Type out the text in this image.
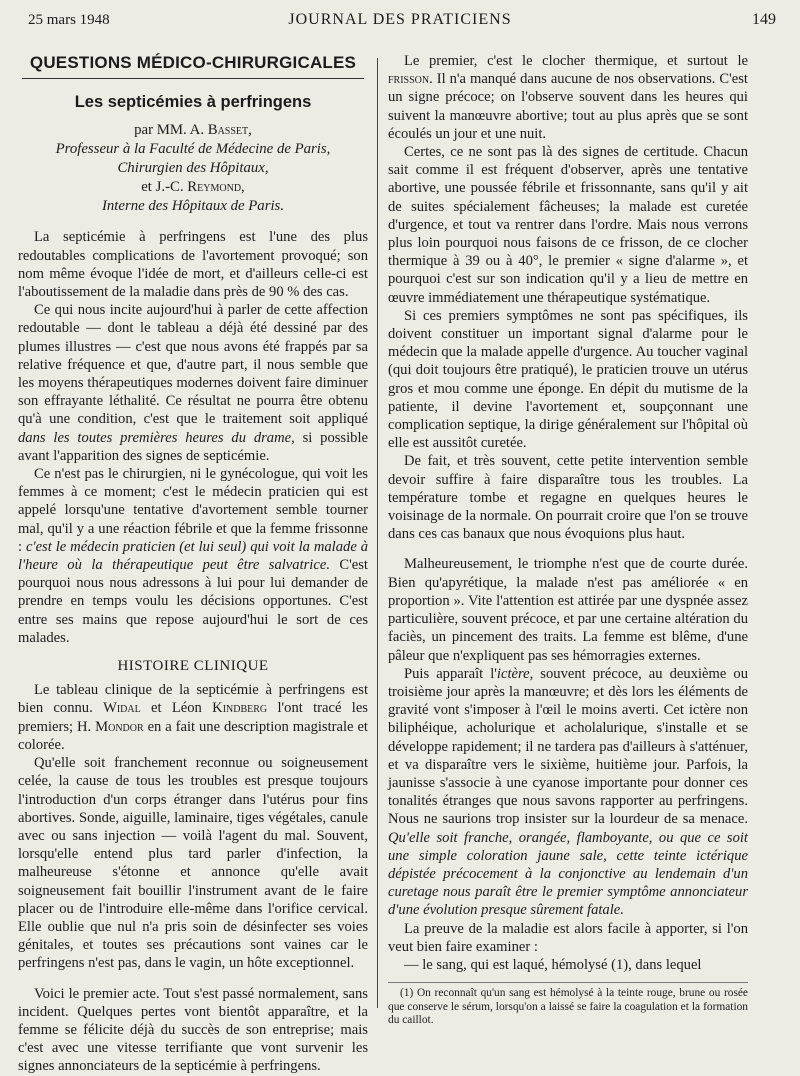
25 mars 1948	JOURNAL DES PRATICIENS	149
QUESTIONS MÉDICO-CHIRURGICALES
Les septicémies à perfringens
par MM. A. Basset,
Professeur à la Faculté de Médecine de Paris,
Chirurgien des Hôpitaux,
et J.-C. Reymond,
Interne des Hôpitaux de Paris.

La septicémie à perfringens est l'une des plus redoutables complications de l'avortement provoqué; son nom même évoque l'idée de mort, et d'ailleurs celle-ci est l'aboutissement de la maladie dans près de 90 % des cas.

Ce qui nous incite aujourd'hui à parler de cette affection redoutable — dont le tableau a déjà été dessiné par des plumes illustres — c'est que nous avons été frappés par sa relative fréquence et que, d'autre part, il nous semble que les moyens thérapeutiques modernes doivent faire diminuer son effrayante léthalité. Ce résultat ne pourra être obtenu qu'à une condition, c'est que le traitement soit appliqué dans les toutes premières heures du drame, si possible avant l'apparition des signes de septicémie.

Ce n'est pas le chirurgien, ni le gynécologue, qui voit les femmes à ce moment; c'est le médecin praticien qui est appelé lorsqu'une tentative d'avortement semble tourner mal, qu'il y a une réaction fébrile et que la femme frissonne : c'est le médecin praticien (et lui seul) qui voit la malade à l'heure où la thérapeutique peut être salvatrice. C'est pourquoi nous nous adressons à lui pour lui demander de prendre en temps voulu les décisions opportunes. C'est entre ses mains que repose aujourd'hui le sort de ces malades.

HISTOIRE CLINIQUE

Le tableau clinique de la septicémie à perfringens est bien connu. Widal et Léon Kindberg l'ont tracé les premiers; H. Mondor en a fait une description magistrale et colorée.

Qu'elle soit franchement reconnue ou soigneusement celée, la cause de tous les troubles est presque toujours l'introduction d'un corps étranger dans l'utérus pour fins abortives. Sonde, aiguille, laminaire, tiges végétales, canule avec ou sans injection — voilà l'agent du mal. Souvent, lorsqu'elle entend plus tard parler d'infection, la malheureuse s'étonne et annonce qu'elle avait soigneusement fait bouillir l'instrument avant de le faire placer ou de l'introduire elle-même dans l'orifice cervical. Elle oublie que nul n'a pris soin de désinfecter ses voies génitales, et toutes ses précautions sont vaines car le perfringens n'est pas, dans le vagin, un hôte exceptionnel.

Voici le premier acte. Tout s'est passé normalement, sans incident. Quelques pertes vont bientôt apparaître, et la femme se félicite déjà du succès de son entreprise; mais c'est avec une vitesse terrifiante que vont survenir les signes annonciateurs de la septicémie à perfringens.

Le premier, c'est le clocher thermique, et surtout le frisson. Il n'a manqué dans aucune de nos observations. C'est un signe précoce; on l'observe souvent dans les heures qui suivent la manœuvre abortive; tout au plus après que se sont écoulés un jour et une nuit.

Certes, ce ne sont pas là des signes de certitude. Chacun sait comme il est fréquent d'observer, après une tentative abortive, une poussée fébrile et frissonnante, sans qu'il y ait de suites spécialement fâcheuses; la malade est curetée d'urgence, et tout va rentrer dans l'ordre. Mais nous verrons plus loin pourquoi nous faisons de ce frisson, de ce clocher thermique à 39 ou à 40°, le premier « signe d'alarme », et pourquoi c'est sur son indication qu'il y a lieu de mettre en œuvre immédiatement une thérapeutique systématique.

Si ces premiers symptômes ne sont pas spécifiques, ils doivent constituer un important signal d'alarme pour le médecin que la malade appelle d'urgence. Au toucher vaginal (qui doit toujours être pratiqué), le praticien trouve un utérus gros et mou comme une éponge. En dépit du mutisme de la patiente, il devine l'avortement et, soupçonnant une complication septique, la dirige généralement sur l'hôpital où elle est aussitôt curetée.

De fait, et très souvent, cette petite intervention semble devoir suffire à faire disparaître tous les troubles. La température tombe et regagne en quelques heures le voisinage de la normale. On pourrait croire que l'on se trouve dans ces cas banaux que nous évoquions plus haut.

Malheureusement, le triomphe n'est que de courte durée. Bien qu'apyrétique, la malade n'est pas améliorée « en proportion ». Vite l'attention est attirée par une dyspnée assez particulière, souvent précoce, et par une certaine altération du faciès, un pincement des traits. La femme est blême, d'une pâleur que n'expliquent pas ses hémorragies externes.

Puis apparaît l'ictère, souvent précoce, au deuxième ou troisième jour après la manœuvre; et dès lors les éléments de gravité vont s'imposer à l'œil le moins averti. Cet ictère non biliphéique, acholurique et acholalurique, s'installe et se développe rapidement; il ne tardera pas d'ailleurs à s'atténuer, et va disparaître vers le sixième, huitième jour. Parfois, la jaunisse s'associe à une cyanose importante pour donner ces tonalités étranges que nous savons rapporter au perfringens. Nous ne saurions trop insister sur la lourdeur de sa menace. Qu'elle soit franche, orangée, flamboyante, ou que ce soit une simple coloration jaune sale, cette teinte ictérique dépistée précocement à la conjonctive au lendemain d'un curetage nous paraît être le premier symptôme annonciateur d'une évolution presque sûrement fatale.

La preuve de la maladie est alors facile à apporter, si l'on veut bien faire examiner :

— le sang, qui est laqué, hémolysé (1), dans lequel

(1) On reconnaît qu'un sang est hémolysé à la teinte rouge, brune ou rosée que conserve le sérum, lorsqu'on a laissé se faire la coagulation et la formation du caillot.
